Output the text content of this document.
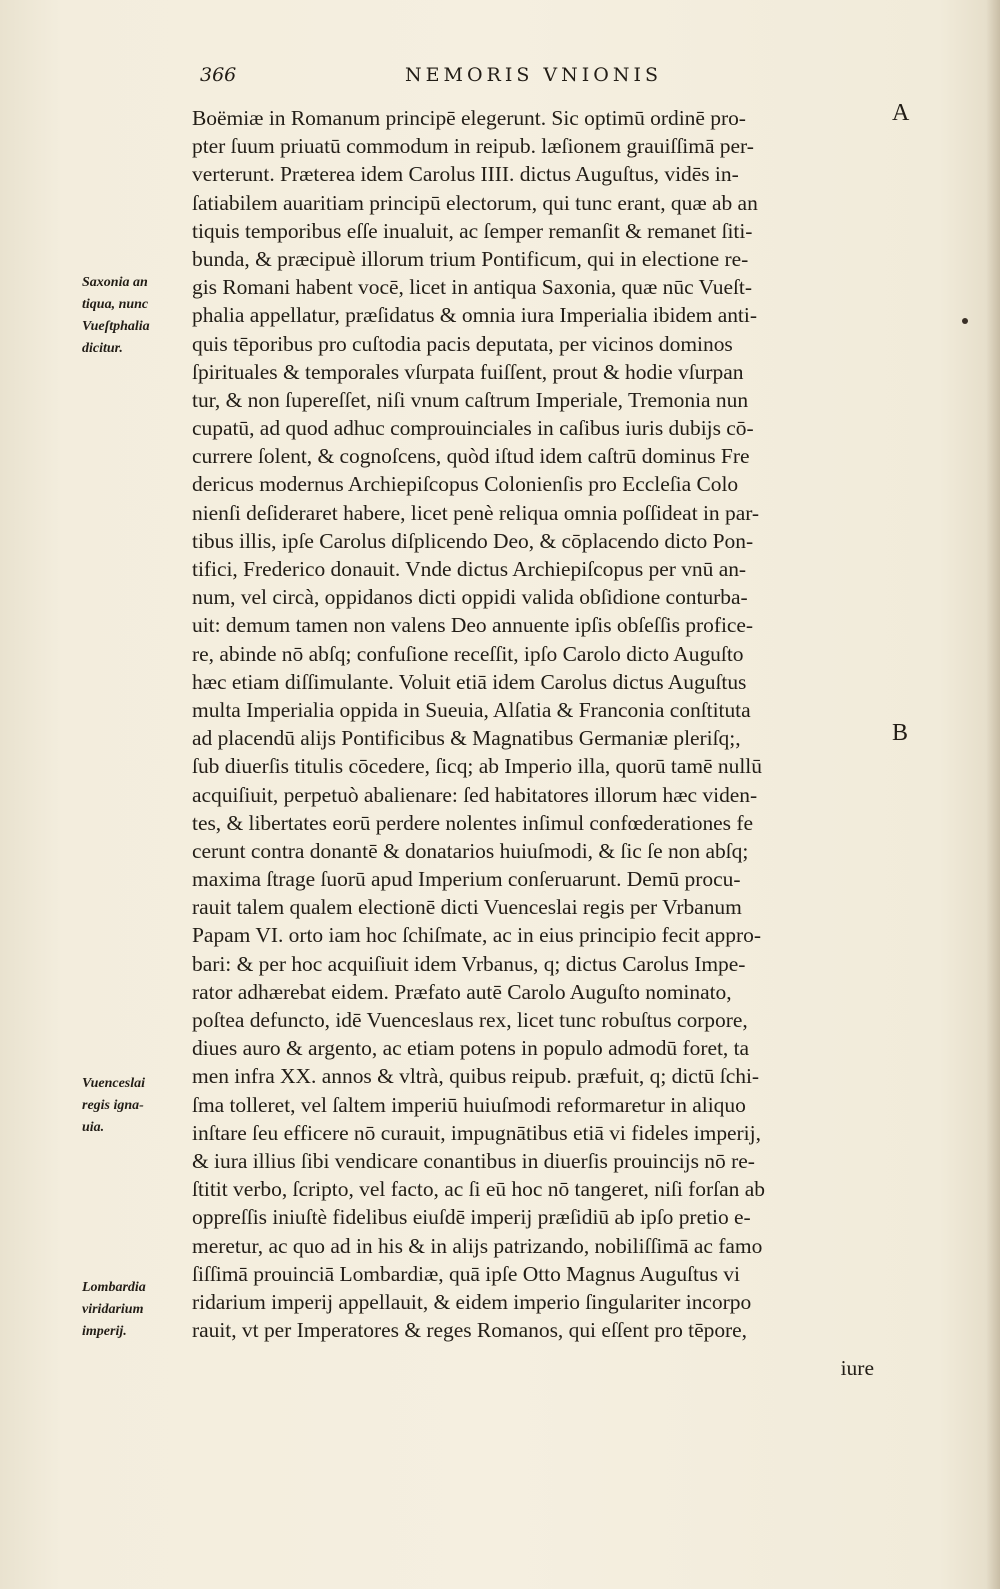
366	NEMORIS VNIONIS
A
B
Saxonia an
tiqua, nunc
Vueſtphalia
dicitur.
Vuenceslai
regis igna-
uia.
Lombardia
viridarium
imperij.
Boëmiæ in Romanum principē elegerunt. Sic optimū ordinē pro-
pter ſuum priuatū commodum in reipub. læſionem grauiſſimā per-
verterunt. Præterea idem Carolus IIII. dictus Auguſtus, vidēs in-
ſatiabilem auaritiam principū electorum, qui tunc erant, quæ ab an
tiquis temporibus eſſe inualuit, ac ſemper remanſit & remanet ſiti-
bunda, & præcipuè illorum trium Pontificum, qui in electione re-
gis Romani habent vocē, licet in antiqua Saxonia, quæ nūc Vueſt-
phalia appellatur, præſidatus & omnia iura Imperialia ibidem anti-
quis tēporibus pro cuſtodia pacis deputata, per vicinos dominos
ſpirituales & temporales vſurpata fuiſſent, prout & hodie vſurpan
tur, & non ſupereſſet, niſi vnum caſtrum Imperiale, Tremonia nun
cupatū, ad quod adhuc comprouinciales in caſibus iuris dubijs cō-
currere ſolent, & cognoſcens, quòd iſtud idem caſtrū dominus Fre
dericus modernus Archiepiſcopus Colonienſis pro Eccleſia Colo
nienſi deſideraret habere, licet penè reliqua omnia poſſideat in par-
tibus illis, ipſe Carolus diſplicendo Deo, & cōplacendo dicto Pon-
tifici, Frederico donauit. Vnde dictus Archiepiſcopus per vnū an-
num, vel circà, oppidanos dicti oppidi valida obſidione conturba-
uit: demum tamen non valens Deo annuente ipſis obſeſſis profice-
re, abinde nō abſq; confuſione receſſit, ipſo Carolo dicto Auguſto
hæc etiam diſſimulante. Voluit etiā idem Carolus dictus Auguſtus
multa Imperialia oppida in Sueuia, Alſatia & Franconia conſtituta
ad placendū alijs Pontificibus & Magnatibus Germaniæ pleriſq;,
ſub diuerſis titulis cōcedere, ſicq; ab Imperio illa, quorū tamē nullū
acquiſiuit, perpetuò abalienare: ſed habitatores illorum hæc viden-
tes, & libertates eorū perdere nolentes inſimul confœderationes fe
cerunt contra donantē & donatarios huiuſmodi, & ſic ſe non abſq;
maxima ſtrage ſuorū apud Imperium conſeruarunt. Demū procu-
rauit talem qualem electionē dicti Vuenceslai regis per Vrbanum
Papam VI. orto iam hoc ſchiſmate, ac in eius principio fecit appro-
bari: & per hoc acquiſiuit idem Vrbanus, q; dictus Carolus Impe-
rator adhærebat eidem. Præfato autē Carolo Auguſto nominato,
poſtea defuncto, idē Vuenceslaus rex, licet tunc robuſtus corpore,
diues auro & argento, ac etiam potens in populo admodū foret, ta
men infra XX. annos & vltrà, quibus reipub. præfuit, q; dictū ſchi-
ſma tolleret, vel ſaltem imperiū huiuſmodi reformaretur in aliquo
inſtare ſeu efficere nō curauit, impugnātibus etiā vi fideles imperij,
& iura illius ſibi vendicare conantibus in diuerſis prouincijs nō re-
ſtitit verbo, ſcripto, vel facto, ac ſi eū hoc nō tangeret, niſi forſan ab
oppreſſis iniuſtè fidelibus eiuſdē imperij præſidiū ab ipſo pretio e-
meretur, ac quo ad in his & in alijs patrizando, nobiliſſimā ac famo
ſiſſimā prouinciā Lombardiæ, quā ipſe Otto Magnus Auguſtus vi
ridarium imperij appellauit, & eidem imperio ſingulariter incorpo
rauit, vt per Imperatores & reges Romanos, qui eſſent pro tēpore,
iure
